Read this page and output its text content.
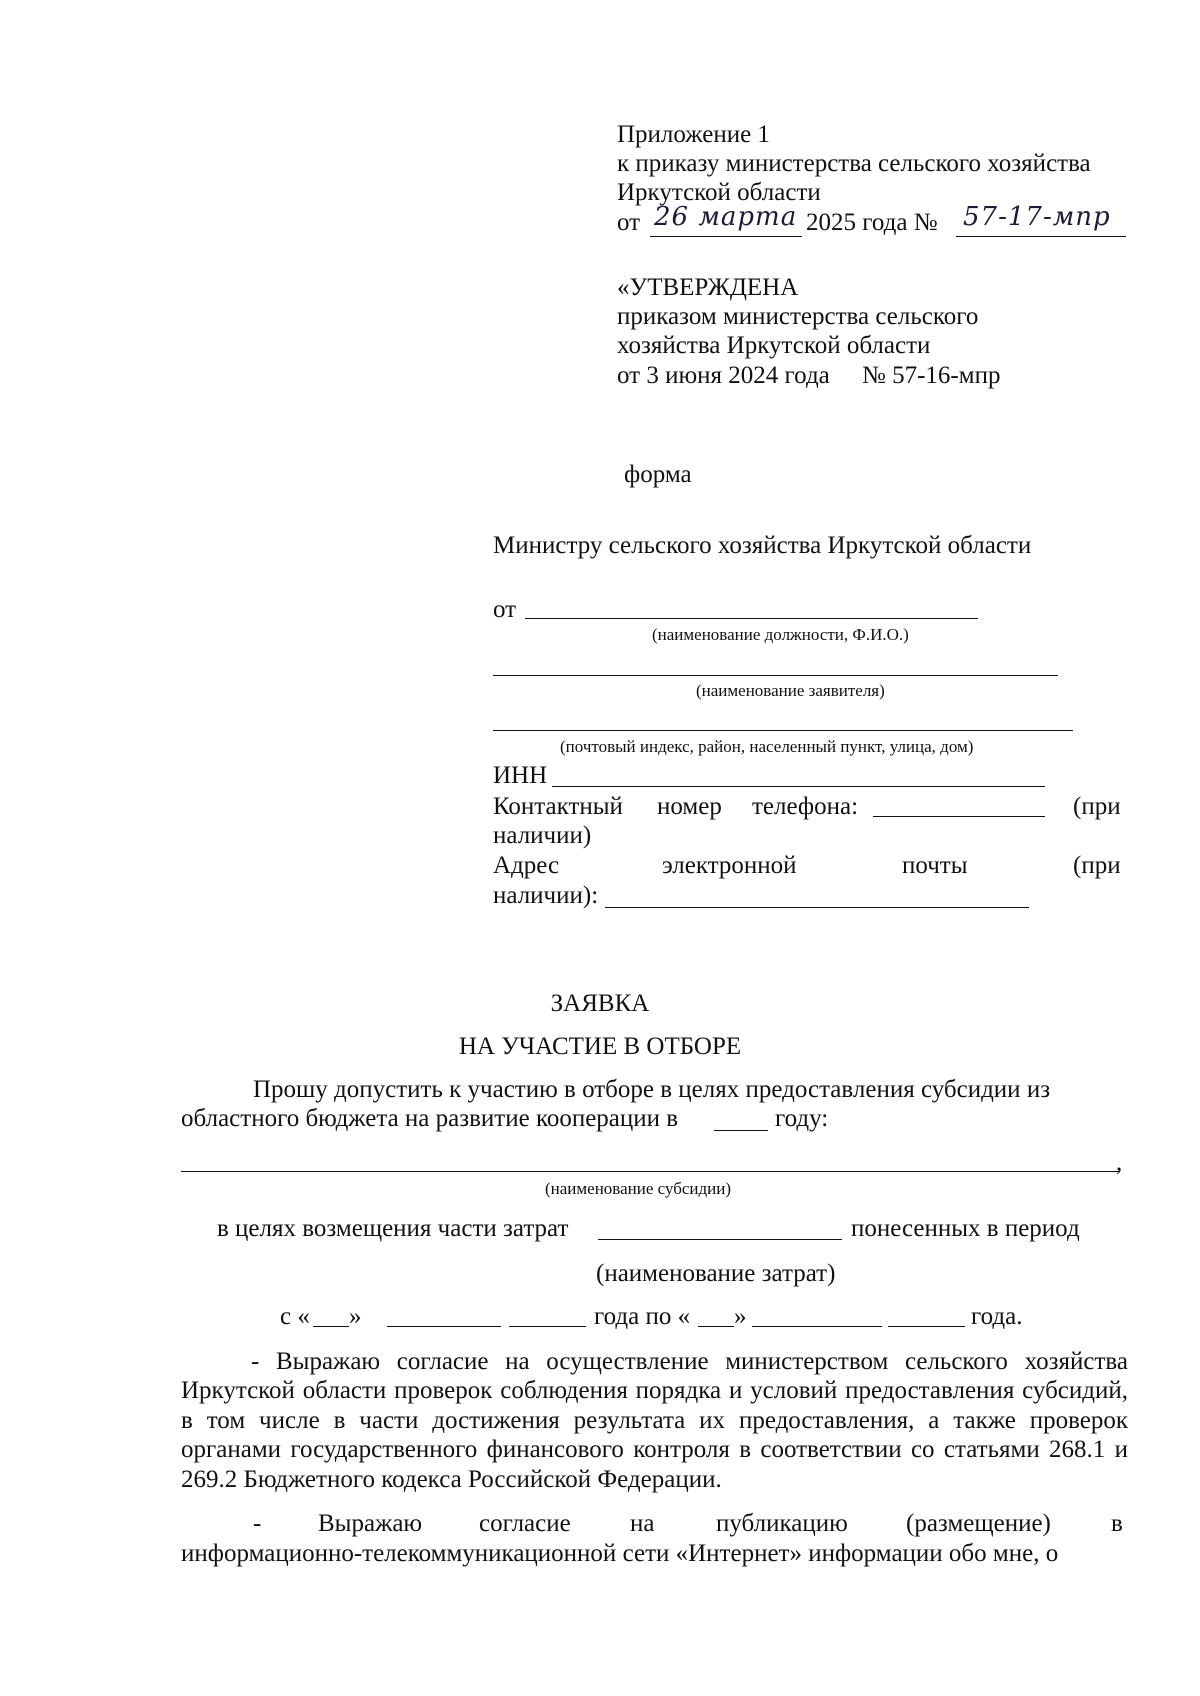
Приложение 1
к приказу министерства сельского хозяйства
Иркутской области
от 26 марта 2025 года № 57-17-мпр
«УТВЕРЖДЕНА
приказом министерства сельского
хозяйства Иркутской области
от 3 июня 2024 года № 57-16-мпр
форма
Министру сельского хозяйства Иркутской области
от
(наименование должности, Ф.И.О.)
(наименование заявителя)
(почтовый индекс, район, населенный пункт, улица, дом)
ИНН
Контактный номер телефона:	(при
наличии)
Адрес	электронной	почты	(при
наличии):
ЗАЯВКА
НА УЧАСТИЕ В ОТБОРЕ
Прошу допустить к участию в отборе в целях предоставления субсидии из
областного бюджета на развитие кооперации в	году:
,
(наименование субсидии)
в целях возмещения части затрат	понесенных в период
(наименование затрат)
с « »	года по « »	года.
- Выражаю согласие на осуществление министерством сельского хозяйства Иркутской области проверок соблюдения порядка и условий предоставления субсидий, в том числе в части достижения результата их предоставления, а также проверок органами государственного финансового контроля в соответствии со статьями 268.1 и 269.2 Бюджетного кодекса Российской Федерации.
- Выражаю согласие на публикацию (размещение) в
информационно-телекоммуникационной сети «Интернет» информации обо мне, о
